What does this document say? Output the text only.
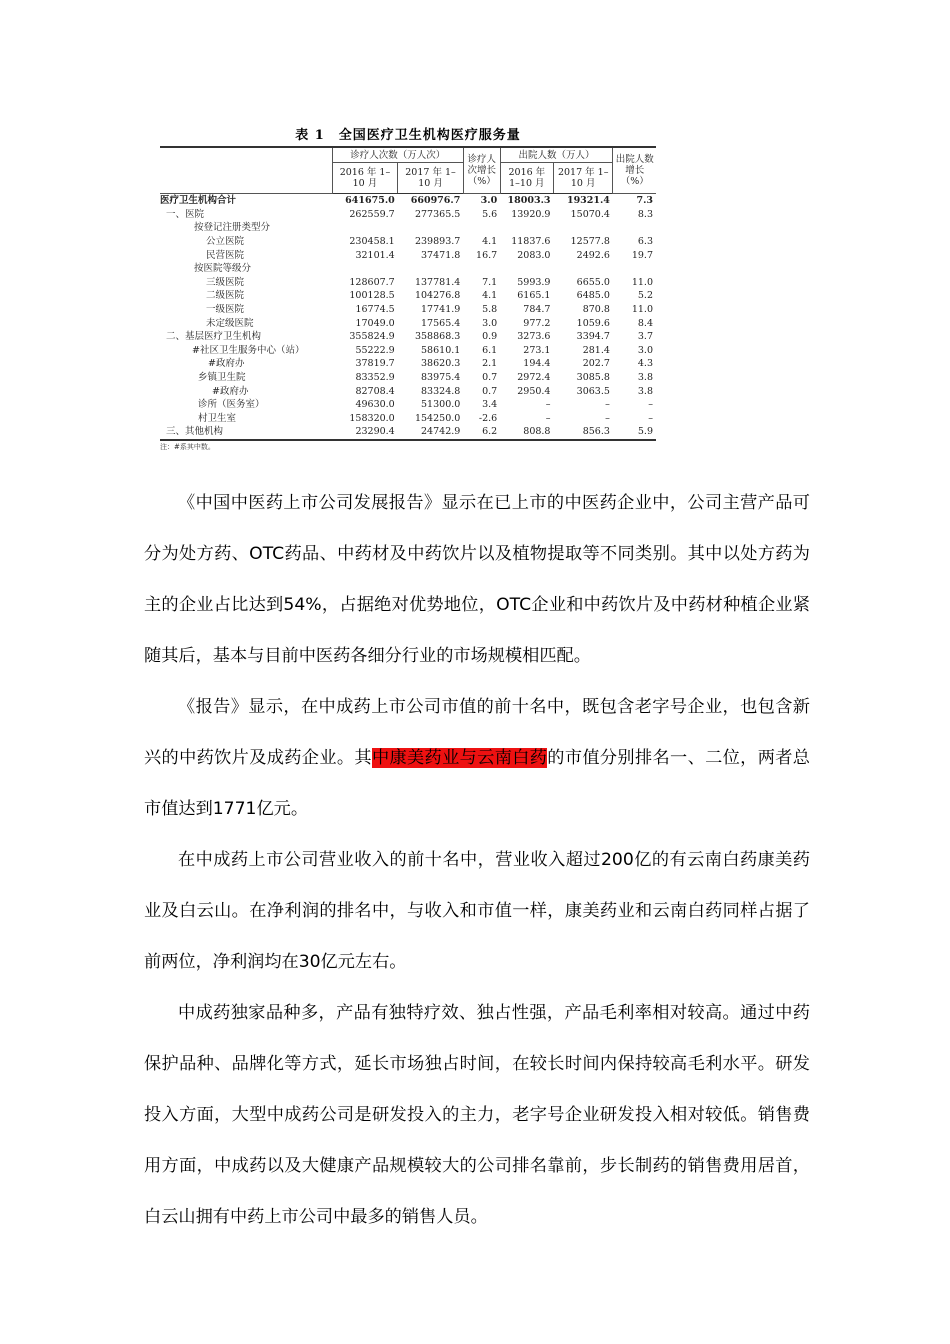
表 1　全国医疗卫生机构医疗服务量
	诊疗人次数（万人次）		诊疗人次增长（%）	出院人数（万人）		出院人数增长（%）
	2016 年 1–10 月	2017 年 1–10 月		2016 年 1–10 月	2017 年 1–10 月	
医疗卫生机构合计	641675.0	660976.7	3.0	18003.3	19321.4	7.3
一、医院	262559.7	277365.5	5.6	13920.9	15070.4	8.3
按登记注册类型分						
公立医院	230458.1	239893.7	4.1	11837.6	12577.8	6.3
民营医院	32101.4	37471.8	16.7	2083.0	2492.6	19.7
按医院等级分						
三级医院	128607.7	137781.4	7.1	5993.9	6655.0	11.0
二级医院	100128.5	104276.8	4.1	6165.1	6485.0	5.2
一级医院	16774.5	17741.9	5.8	784.7	870.8	11.0
未定级医院	17049.0	17565.4	3.0	977.2	1059.6	8.4
二、基层医疗卫生机构	355824.9	358868.3	0.9	3273.6	3394.7	3.7
#社区卫生服务中心（站）	55222.9	58610.1	6.1	273.1	281.4	3.0
#政府办	37819.7	38620.3	2.1	194.4	202.7	4.3
乡镇卫生院	83352.9	83975.4	0.7	2972.4	3085.8	3.8
#政府办	82708.4	83324.8	0.7	2950.4	3063.5	3.8
诊所（医务室）	49630.0	51300.0	3.4	–	–	–
村卫生室	158320.0	154250.0	-2.6	–	–	–
三、其他机构	23290.4	24742.9	6.2	808.8	856.3	5.9
注：#系其中数。

《中国中医药上市公司发展报告》显示在已上市的中医药企业中，公司主营产品可分为处方药、OTC药品、中药材及中药饮片以及植物提取等不同类别。其中以处方药为主的企业占比达到54%，占据绝对优势地位，OTC企业和中药饮片及中药材种植企业紧随其后，基本与目前中医药各细分行业的市场规模相匹配。

《报告》显示，在中成药上市公司市值的前十名中，既包含老字号企业，也包含新兴的中药饮片及成药企业。其中康美药业与云南白药的市值分别排名一、二位，两者总市值达到1771亿元。

在中成药上市公司营业收入的前十名中，营业收入超过200亿的有云南白药康美药业及白云山。在净利润的排名中，与收入和市值一样，康美药业和云南白药同样占据了前两位，净利润均在30亿元左右。

中成药独家品种多，产品有独特疗效、独占性强，产品毛利率相对较高。通过中药保护品种、品牌化等方式，延长市场独占时间，在较长时间内保持较高毛利水平。研发投入方面，大型中成药公司是研发投入的主力，老字号企业研发投入相对较低。销售费用方面，中成药以及大健康产品规模较大的公司排名靠前，步长制药的销售费用居首，白云山拥有中药上市公司中最多的销售人员。
